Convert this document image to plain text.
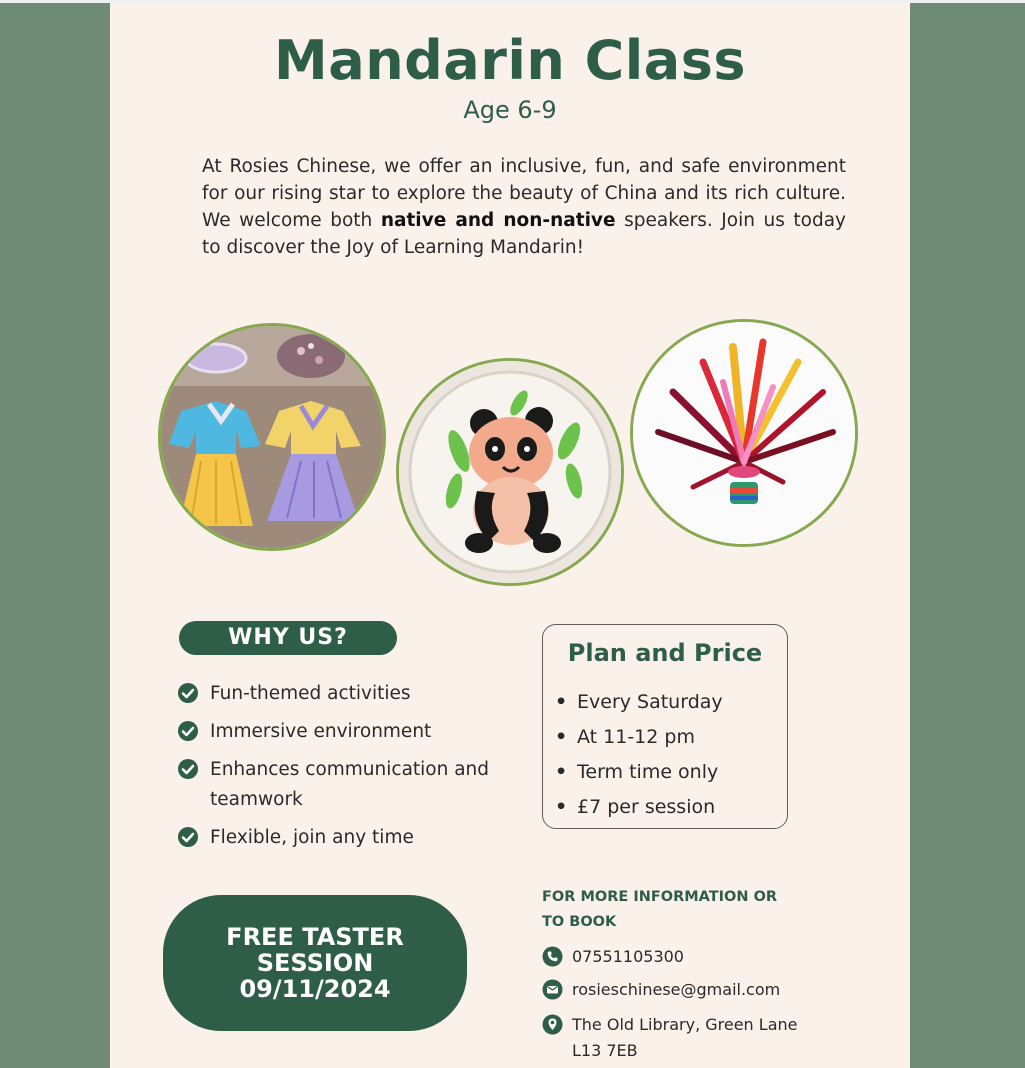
Mandarin Class
Age 6-9
At Rosies Chinese, we offer an inclusive, fun, and safe environment for our rising star to explore the beauty of China and its rich culture. We welcome both native and non-native speakers. Join us today to discover the Joy of Learning Mandarin!
WHY US?
Fun-themed activities
Immersive environment
Enhances communication and teamwork
Flexible, join any time
Plan and Price
• Every Saturday
• At 11-12 pm
• Term time only
• £7 per session
FREE TASTER
SESSION
09/11/2024
FOR MORE INFORMATION OR TO BOOK
07551105300
rosieschinese@gmail.com
The Old Library, Green Lane L13 7EB
